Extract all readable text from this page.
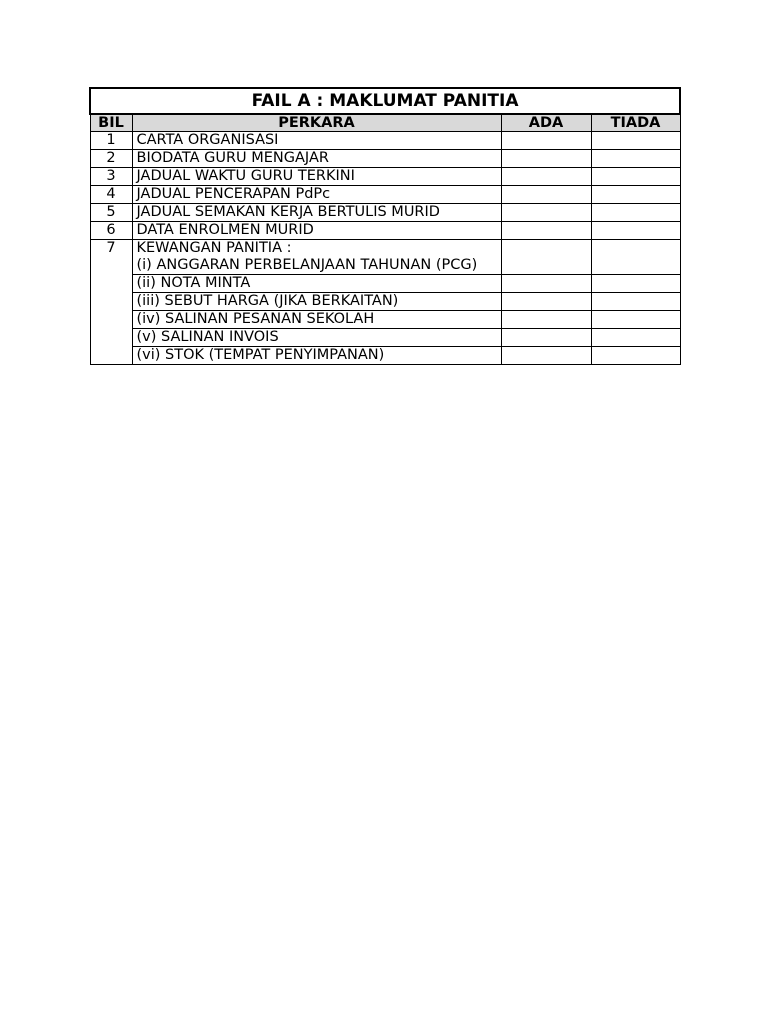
FAIL A : MAKLUMAT PANITIA			
BIL	PERKARA	ADA	TIADA
1	CARTA ORGANISASI		
2	BIODATA GURU MENGAJAR		
3	JADUAL WAKTU GURU TERKINI		
4	JADUAL PENCERAPAN PdPc		
5	JADUAL SEMAKAN KERJA BERTULIS MURID		
6	DATA ENROLMEN MURID		
7	KEWANGAN PANITIA :
(i) ANGGARAN PERBELANJAAN TAHUNAN (PCG)		

	(ii) NOTA MINTA		
	(iii) SEBUT HARGA (JIKA BERKAITAN)		
	(iv) SALINAN PESANAN SEKOLAH		
	(v) SALINAN INVOIS		
	(vi) STOK (TEMPAT PENYIMPANAN)		
